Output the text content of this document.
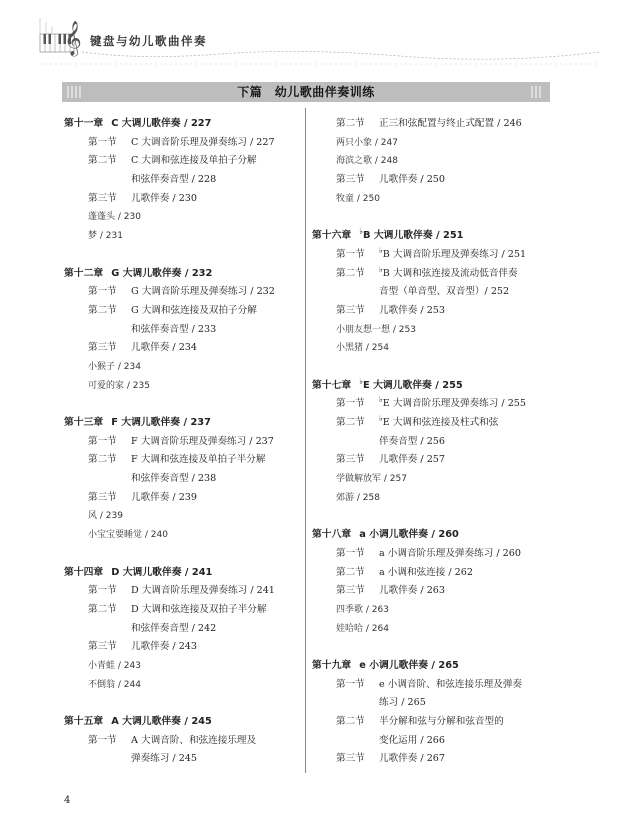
𝄞 键盘与幼儿歌曲伴奏
下篇　幼儿歌曲伴奏训练
第十一章 C 大调儿歌伴奏 / 227
第一节 C 大调音阶乐理及弹奏练习 / 227
第二节 C 大调和弦连接及单拍子分解
和弦伴奏音型 / 228
第三节 儿歌伴奏 / 230
蓬蓬头 / 230
梦 / 231
第十二章 G 大调儿歌伴奏 / 232
第一节 G 大调音阶乐理及弹奏练习 / 232
第二节 G 大调和弦连接及双拍子分解
和弦伴奏音型 / 233
第三节 儿歌伴奏 / 234
小猴子 / 234
可爱的家 / 235
第十三章 F 大调儿歌伴奏 / 237
第一节 F 大调音阶乐理及弹奏练习 / 237
第二节 F 大调和弦连接及单拍子半分解
和弦伴奏音型 / 238
第三节 儿歌伴奏 / 239
风 / 239
小宝宝要睡觉 / 240
第十四章 D 大调儿歌伴奏 / 241
第一节 D 大调音阶乐理及弹奏练习 / 241
第二节 D 大调和弦连接及双拍子半分解
和弦伴奏音型 / 242
第三节 儿歌伴奏 / 243
小青蛙 / 243
不倒翁 / 244
第十五章 A 大调儿歌伴奏 / 245
第一节 A 大调音阶、和弦连接乐理及
弹奏练习 / 245
第二节 正三和弦配置与终止式配置 / 246
两只小象 / 247
海滨之歌 / 248
第三节 儿歌伴奏 / 250
牧童 / 250
第十六章 ♭B 大调儿歌伴奏 / 251
第一节 ♭B 大调音阶乐理及弹奏练习 / 251
第二节 ♭B 大调和弦连接及流动低音伴奏
音型（单音型、双音型）/ 252
第三节 儿歌伴奏 / 253
小朋友想一想 / 253
小黑猪 / 254
第十七章 ♭E 大调儿歌伴奏 / 255
第一节 ♭E 大调音阶乐理及弹奏练习 / 255
第二节 ♭E 大调和弦连接及柱式和弦
伴奏音型 / 256
第三节 儿歌伴奏 / 257
学做解放军 / 257
郊游 / 258
第十八章 a 小调儿歌伴奏 / 260
第一节 a 小调音阶乐理及弹奏练习 / 260
第二节 a 小调和弦连接 / 262
第三节 儿歌伴奏 / 263
四季歌 / 263
娃哈哈 / 264
第十九章 e 小调儿歌伴奏 / 265
第一节 e 小调音阶、和弦连接乐理及弹奏
练习 / 265
第二节 半分解和弦与分解和弦音型的
变化运用 / 266
第三节 儿歌伴奏 / 267
4
